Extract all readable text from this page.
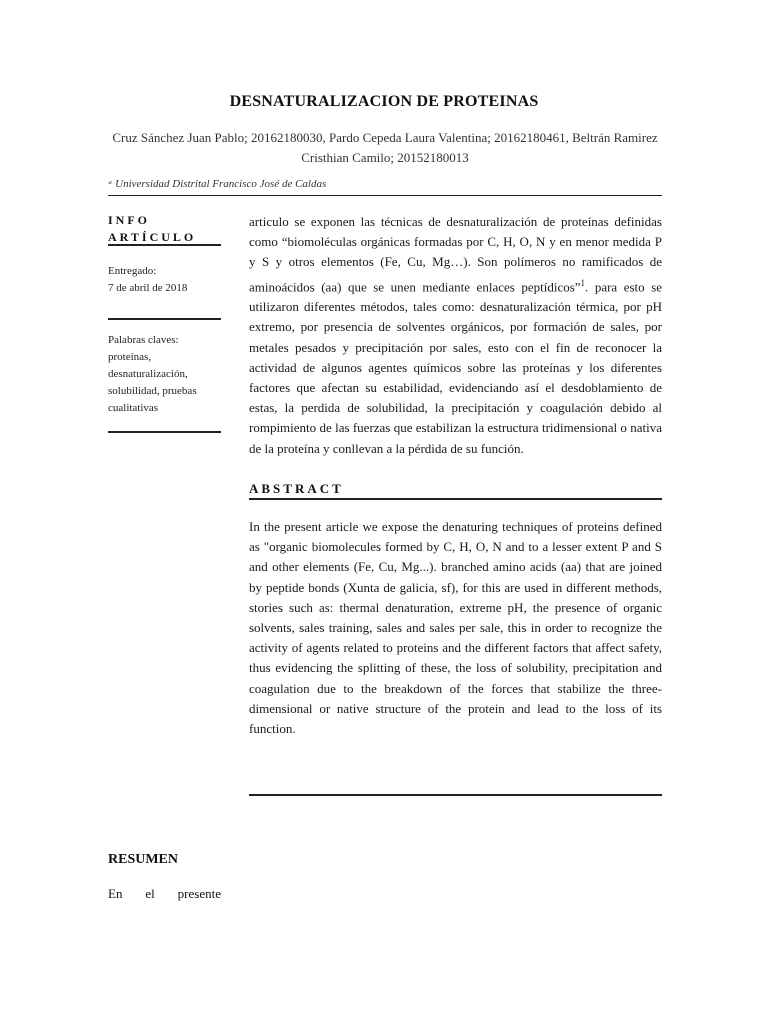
DESNATURALIZACION DE PROTEINAS
Cruz Sánchez Juan Pablo; 20162180030, Pardo Cepeda Laura Valentina; 20162180461, Beltrán Ramirez Cristhian Camilo; 20152180013
ᵃ Universidad Distrital Francisco José de Caldas
INFO
ARTÍCULO
Entregado:
7 de abril de 2018
Palabras claves:
proteínas, desnaturalización, solubilidad, pruebas cualitativas

articulo se exponen las técnicas de desnaturalización de proteínas definidas como “biomoléculas orgánicas formadas por C, H, O, N y en menor medida P y S y otros elementos (Fe, Cu, Mg…). Son polímeros no ramificados de aminoácidos (aa) que se unen mediante enlaces peptídicos”$^1$. para esto se utilizaron diferentes métodos, tales como: desnaturalización térmica, por pH extremo, por presencia de solventes orgánicos, por formación de sales, por metales pesados y precipitación por sales, esto con el fin de reconocer la actividad de algunos agentes químicos sobre las proteínas y los diferentes factores que afectan su estabilidad, evidenciando así el desdoblamiento de estas, la perdida de solubilidad, la precipitación y coagulación debido al rompimiento de las fuerzas que estabilizan la estructura tridimensional o nativa de la proteína y conllevan a la pérdida de su función.

ABSTRACT

In the present article we expose the denaturing techniques of proteins defined as "organic biomolecules formed by C, H, O, N and to a lesser extent P and S and other elements (Fe, Cu, Mg...). branched amino acids (aa) that are joined by peptide bonds (Xunta de galicia, sf), for this are used in different methods, stories such as: thermal denaturation, extreme pH, the presence of organic solvents, sales training, sales and sales per sale, this in order to recognize the activity of agents related to proteins and the different factors that affect safety, thus evidencing the splitting of these, the loss of solubility, precipitation and coagulation due to the breakdown of the forces that stabilize the three-dimensional or native structure of the protein and lead to the loss of its function.

RESUMEN
En el presente
